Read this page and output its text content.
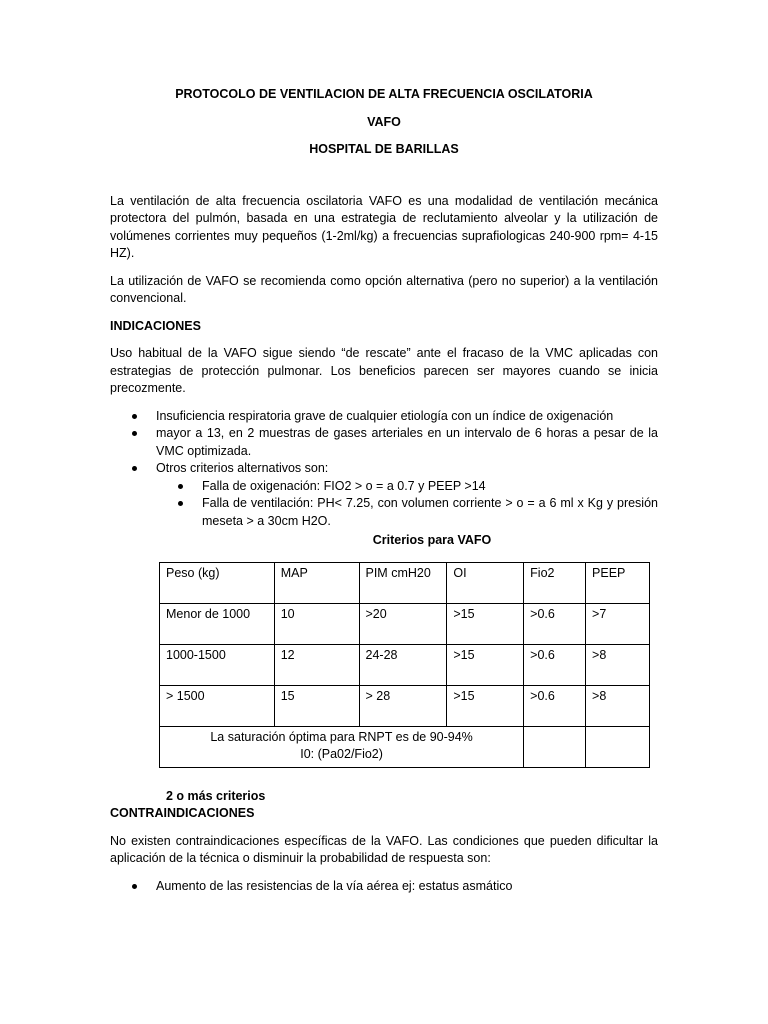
PROTOCOLO DE VENTILACION DE ALTA FRECUENCIA OSCILATORIA

VAFO

HOSPITAL DE BARILLAS

La ventilación de alta frecuencia oscilatoria VAFO es una modalidad de ventilación mecánica protectora del pulmón, basada en una estrategia de reclutamiento alveolar y la utilización de volúmenes corrientes muy pequeños (1-2ml/kg) a frecuencias suprafiologicas 240-900 rpm= 4-15 HZ).

La utilización de VAFO se recomienda como opción alternativa (pero no superior) a la ventilación convencional.

INDICACIONES

Uso habitual de la VAFO sigue siendo “de rescate” ante el fracaso de la VMC aplicadas con estrategias de protección pulmonar. Los beneficios parecen ser mayores cuando se inicia precozmente.

Insuficiencia respiratoria grave de cualquier etiología con un índice de oxigenación
mayor a 13, en 2 muestras de gases arteriales en un intervalo de 6 horas a pesar de la VMC optimizada.
Otros criterios alternativos son:
Falla de oxigenación: FIO2 > o = a 0.7 y PEEP >14
Falla de ventilación: PH< 7.25, con volumen corriente > o = a 6 ml x Kg y presión meseta > a 30cm H2O.

Criterios para VAFO

Peso (kg)	MAP	PIM cmH20	OI	Fio2	PEEP
Menor de 1000	10	>20	>15	>0.6	>7
1000-1500	12	24-28	>15	>0.6	>8
> 1500	15	> 28	>15	>0.6	>8

La saturación óptima para RNPT es de 90-94%
I0: (Pa02/Fio2)					

2 o más criterios

CONTRAINDICACIONES

No existen contraindicaciones específicas de la VAFO. Las condiciones que pueden dificultar la aplicación de la técnica o disminuir la probabilidad de respuesta son:

Aumento de las resistencias de la vía aérea ej: estatus asmático
